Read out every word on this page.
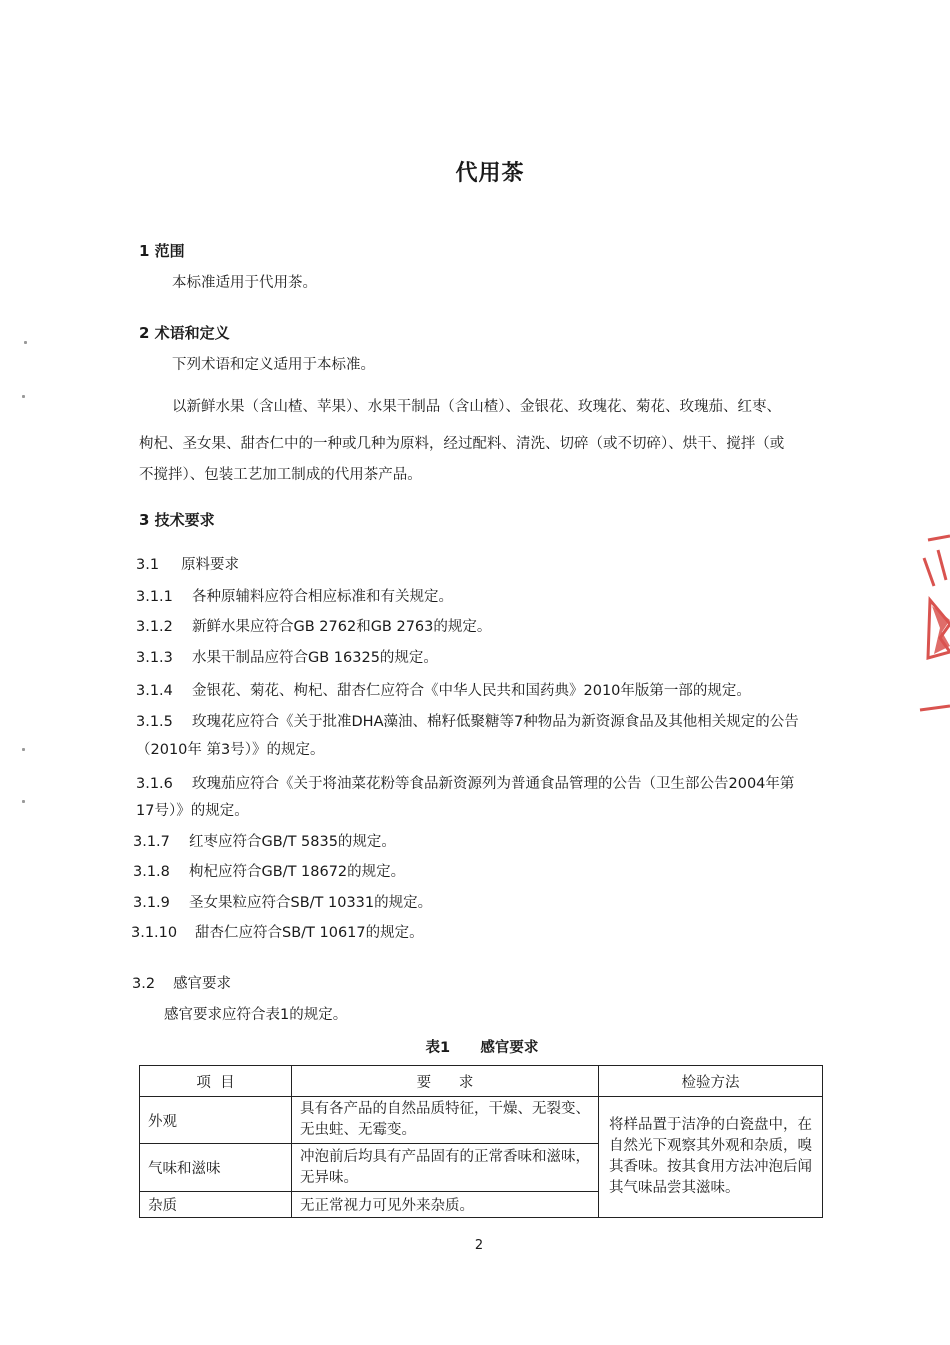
代用茶
1 范围
本标准适用于代用茶。
2 术语和定义
下列术语和定义适用于本标准。
以新鲜水果（含山楂、苹果）、水果干制品（含山楂）、金银花、玫瑰花、菊花、玫瑰茄、红枣、
枸杞、圣女果、甜杏仁中的一种或几种为原料，经过配料、清洗、切碎（或不切碎）、烘干、搅拌（或
不搅拌）、包装工艺加工制成的代用茶产品。
3 技术要求
3.1 原料要求
3.1.1 各种原辅料应符合相应标准和有关规定。
3.1.2 新鲜水果应符合GB 2762和GB 2763的规定。
3.1.3 水果干制品应符合GB 16325的规定。
3.1.4 金银花、菊花、枸杞、甜杏仁应符合《中华人民共和国药典》2010年版第一部的规定。
3.1.5 玫瑰花应符合《关于批准DHA藻油、棉籽低聚糖等7种物品为新资源食品及其他相关规定的公告
（2010年 第3号）》的规定。
3.1.6 玫瑰茄应符合《关于将油菜花粉等食品新资源列为普通食品管理的公告（卫生部公告2004年第
17号）》的规定。
3.1.7 红枣应符合GB/T 5835的规定。
3.1.8 枸杞应符合GB/T 18672的规定。
3.1.9 圣女果粒应符合SB/T 10331的规定。
3.1.10 甜杏仁应符合SB/T 10617的规定。
3.2 感官要求
感官要求应符合表1的规定。
表1      感官要求
项  目	要      求	检验方法
外观	具有各产品的自然品质特征，干燥、无裂变、无虫蛀、无霉变。	将样品置于洁净的白瓷盘中，在自然光下观察其外观和杂质，嗅其香味。按其食用方法冲泡后闻其气味品尝其滋味。
气味和滋味	冲泡前后均具有产品固有的正常香味和滋味，无异味。	
杂质	无正常视力可见外来杂质。	
2
